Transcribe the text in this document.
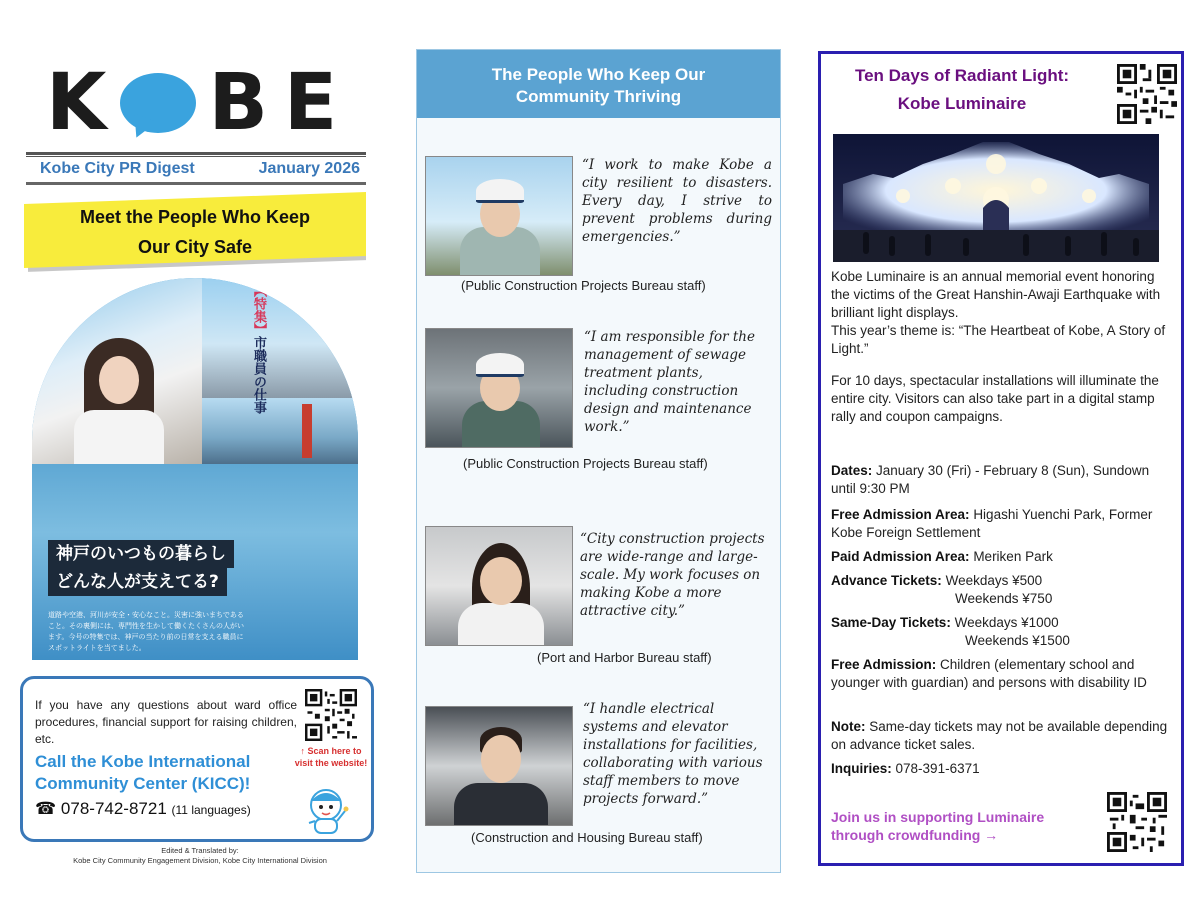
K B E
Kobe City PR Digest	January 2026
Meet the People Who Keep
Our City Safe
【特集】市職員の仕事
神戸のいつもの暮らし
どんな人が支えてる?
道路や空港、河川が安全・安心なこと。災害に強いまちであること。その裏側には、専門性を生かして働くたくさんの人がいます。今号の特集では、神戸の当たり前の日常を支える職員にスポットライトを当てました。
If you have any questions about ward office procedures, financial support for raising children, etc.
↑ Scan here to visit the website!
Call the Kobe International Community Center (KICC)!
☎ 078-742-8721 (11 languages)
Edited & Translated by:
Kobe City Community Engagement Division, Kobe City International Division
The People Who Keep Our
Community Thriving
“I work to make Kobe a city resilient to disasters. Every day, I strive to prevent problems during emergencies.”
(Public Construction Projects Bureau staff)
“I am responsible for the management of sewage treatment plants, including construction design and maintenance work.”
(Public Construction Projects Bureau staff)
“City construction projects are wide-range and large-scale. My work focuses on making Kobe a more attractive city.”
(Port and Harbor Bureau staff)
“I handle electrical systems and elevator installations for facilities, collaborating with various staff members to move projects forward.”
(Construction and Housing Bureau staff)
Ten Days of Radiant Light:
Kobe Luminaire
Kobe Luminaire is an annual memorial event honoring the victims of the Great Hanshin-Awaji Earthquake with brilliant light displays.
This year’s theme is: “The Heartbeat of Kobe, A Story of Light.”
For 10 days, spectacular installations will illuminate the entire city. Visitors can also take part in a digital stamp rally and coupon campaigns.
Dates: January 30 (Fri) - February 8 (Sun), Sundown until 9:30 PM
Free Admission Area: Higashi Yuenchi Park, Former Kobe Foreign Settlement
Paid Admission Area: Meriken Park
Advance Tickets: Weekdays ¥500
Weekends ¥750
Same-Day Tickets: Weekdays ¥1000
Weekends ¥1500
Free Admission: Children (elementary school and younger with guardian) and persons with disability ID
Note: Same-day tickets may not be available depending on advance ticket sales.
Inquiries: 078-391-6371
Join us in supporting Luminaire through crowdfunding →
